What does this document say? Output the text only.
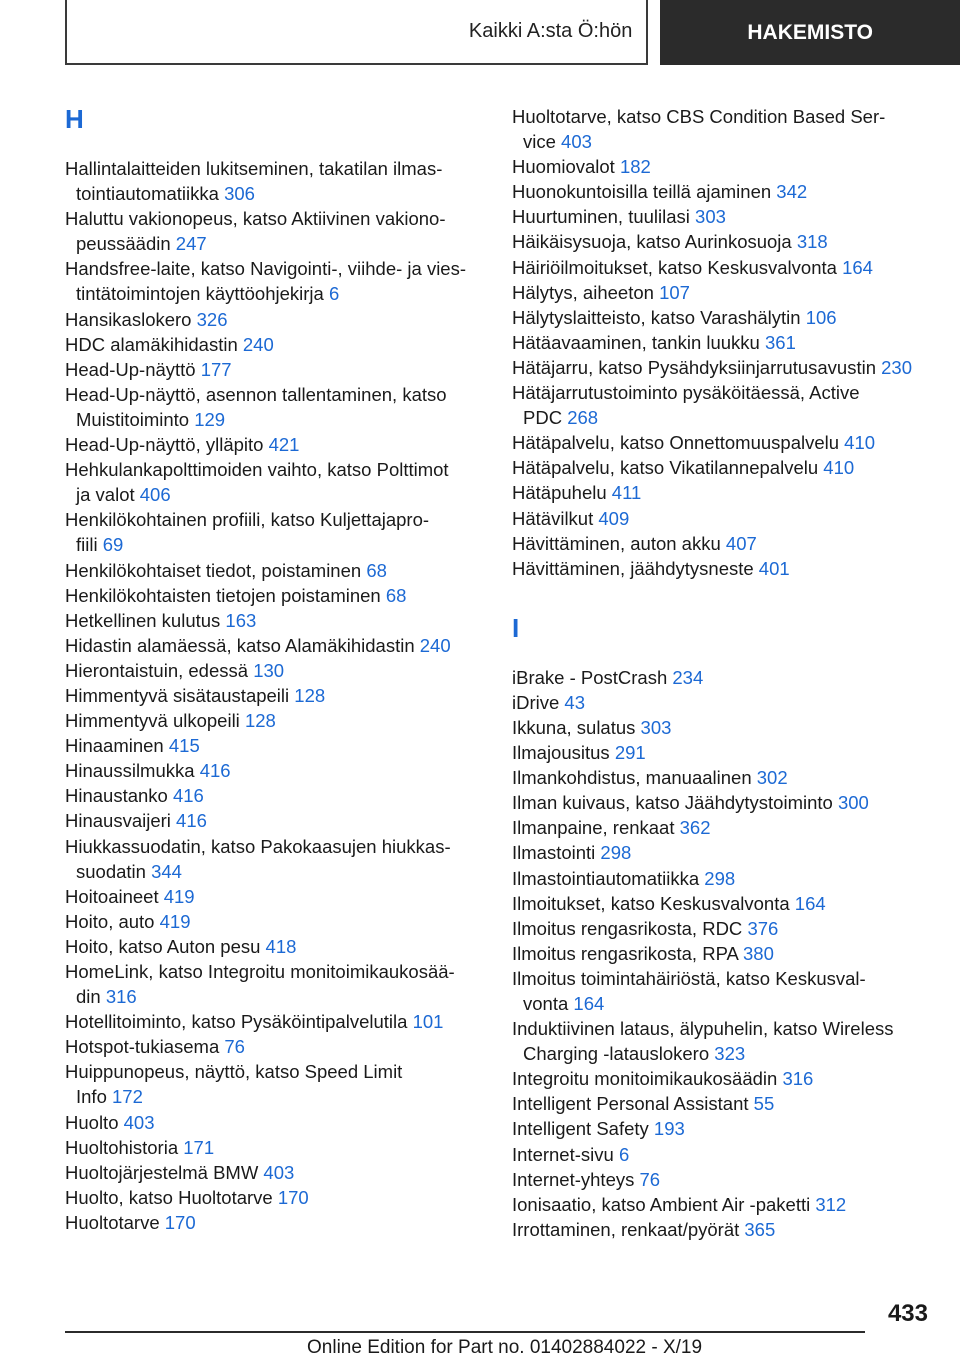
Kaikki A:sta Ö:hön	HAKEMISTO
H
Hallintalaitteiden lukitseminen, takatilan ilmas-
tointiautomatiikka 306
Haluttu vakionopeus, katso Aktiivinen vakiono-
peussäädin 247
Handsfree-laite, katso Navigointi-, viihde- ja vies-
tintätoimintojen käyttöohjekirja 6
Hansikaslokero 326
HDC alamäkihidastin 240
Head-Up-näyttö 177
Head-Up-näyttö, asennon tallentaminen, katso
Muistitoiminto 129
Head-Up-näyttö, ylläpito 421
Hehkulankapolttimoiden vaihto, katso Polttimot
ja valot 406
Henkilökohtainen profiili, katso Kuljettajapro-
fiili 69
Henkilökohtaiset tiedot, poistaminen 68
Henkilökohtaisten tietojen poistaminen 68
Hetkellinen kulutus 163
Hidastin alamäessä, katso Alamäkihidastin 240
Hierontaistuin, edessä 130
Himmentyvä sisätaustapeili 128
Himmentyvä ulkopeili 128
Hinaaminen 415
Hinaussilmukka 416
Hinaustanko 416
Hinausvaijeri 416
Hiukkassuodatin, katso Pakokaasujen hiukkas-
suodatin 344
Hoitoaineet 419
Hoito, auto 419
Hoito, katso Auton pesu 418
HomeLink, katso Integroitu monitoimikaukosää-
din 316
Hotellitoiminto, katso Pysäköintipalvelutila 101
Hotspot-tukiasema 76
Huippunopeus, näyttö, katso Speed Limit
Info 172
Huolto 403
Huoltohistoria 171
Huoltojärjestelmä BMW 403
Huolto, katso Huoltotarve 170
Huoltotarve 170
Huoltotarve, katso CBS Condition Based Ser-
vice 403
Huomiovalot 182
Huonokuntoisilla teillä ajaminen 342
Huurtuminen, tuulilasi 303
Häikäisysuoja, katso Aurinkosuoja 318
Häiriöilmoitukset, katso Keskusvalvonta 164
Hälytys, aiheeton 107
Hälytyslaitteisto, katso Varashälytin 106
Hätäavaaminen, tankin luukku 361
Hätäjarru, katso Pysähdyksiinjarrutusavustin 230
Hätäjarrutustoiminto pysäköitäessä, Active
PDC 268
Hätäpalvelu, katso Onnettomuuspalvelu 410
Hätäpalvelu, katso Vikatilannepalvelu 410
Hätäpuhelu 411
Hätävilkut 409
Hävittäminen, auton akku 407
Hävittäminen, jäähdytysneste 401
I
iBrake - PostCrash 234
iDrive 43
Ikkuna, sulatus 303
Ilmajousitus 291
Ilmankohdistus, manuaalinen 302
Ilman kuivaus, katso Jäähdytystoiminto 300
Ilmanpaine, renkaat 362
Ilmastointi 298
Ilmastointiautomatiikka 298
Ilmoitukset, katso Keskusvalvonta 164
Ilmoitus rengasrikosta, RDC 376
Ilmoitus rengasrikosta, RPA 380
Ilmoitus toimintahäiriöstä, katso Keskusval-
vonta 164
Induktiivinen lataus, älypuhelin, katso Wireless
Charging -latauslokero 323
Integroitu monitoimikaukosäädin 316
Intelligent Personal Assistant 55
Intelligent Safety 193
Internet-sivu 6
Internet-yhteys 76
Ionisaatio, katso Ambient Air -paketti 312
Irrottaminen, renkaat/pyörät 365
433
Online Edition for Part no. 01402884022 - X/19
